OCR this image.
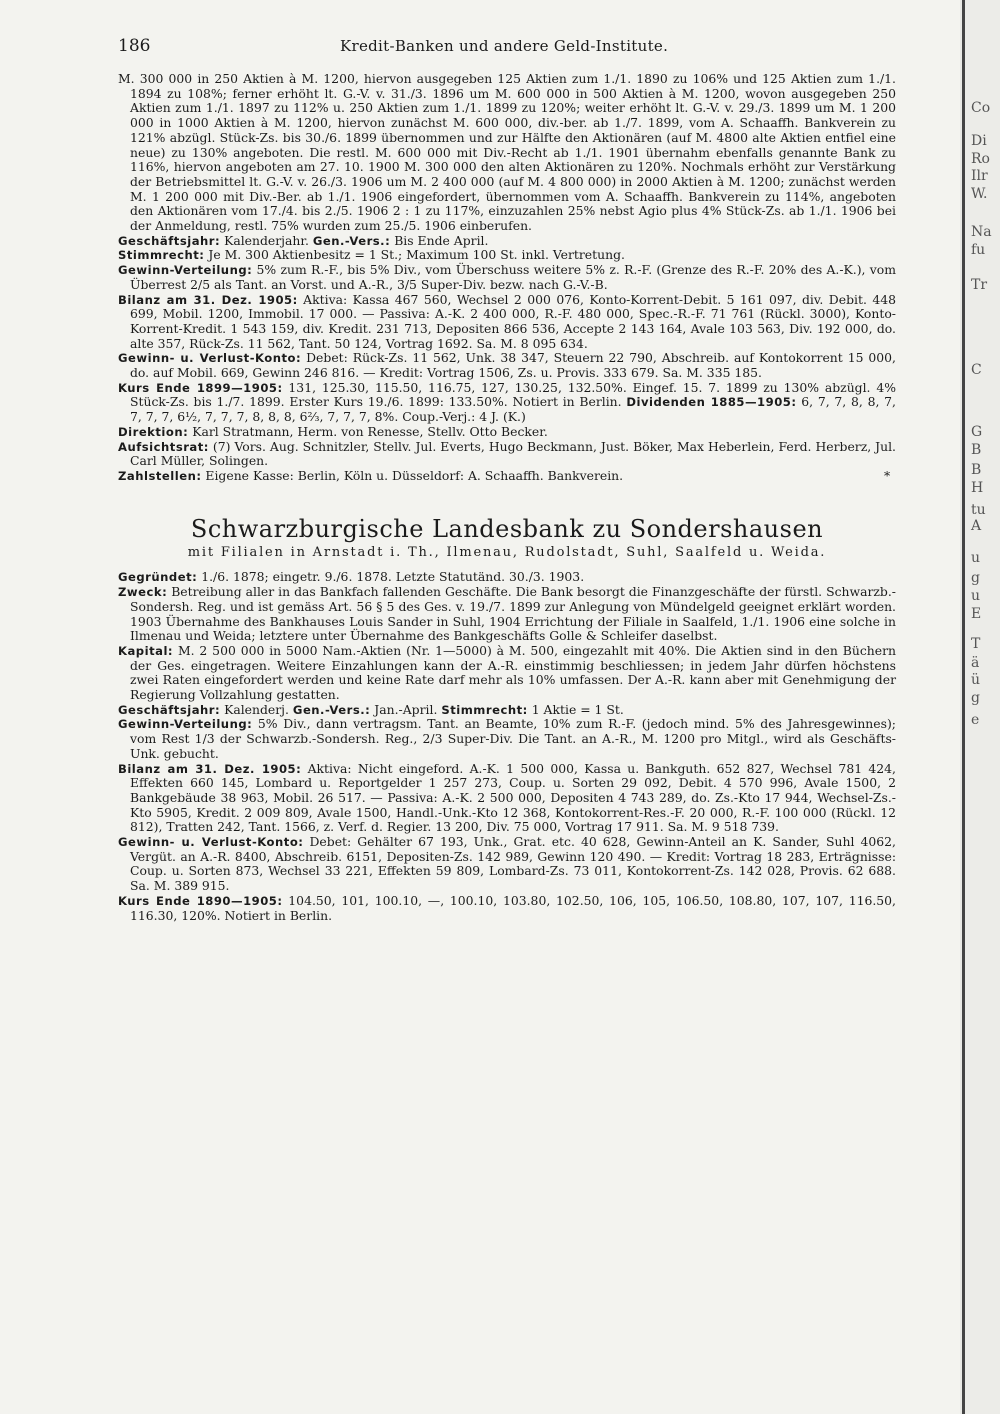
186	Kredit-Banken und andere Geld-Institute.

M. 300 000 in 250 Aktien à M. 1200, hiervon ausgegeben 125 Aktien zum 1./1. 1890 zu 106% und 125 Aktien zum 1./1. 1894 zu 108%; ferner erhöht lt. G.-V. v. 31./3. 1896 um M. 600 000 in 500 Aktien à M. 1200, wovon ausgegeben 250 Aktien zum 1./1. 1897 zu 112% u. 250 Aktien zum 1./1. 1899 zu 120%; weiter erhöht lt. G.-V. v. 29./3. 1899 um M. 1 200 000 in 1000 Aktien à M. 1200, hiervon zunächst M. 600 000, div.-ber. ab 1./7. 1899, vom A. Schaaffh. Bankverein zu 121% abzügl. Stück-Zs. bis 30./6. 1899 übernommen und zur Hälfte den Aktionären (auf M. 4800 alte Aktien entfiel eine neue) zu 130% angeboten. Die restl. M. 600 000 mit Div.-Recht ab 1./1. 1901 übernahm ebenfalls genannte Bank zu 116%, hiervon angeboten am 27. 10. 1900 M. 300 000 den alten Aktionären zu 120%. Nochmals erhöht zur Verstärkung der Betriebsmittel lt. G.-V. v. 26./3. 1906 um M. 2 400 000 (auf M. 4 800 000) in 2000 Aktien à M. 1200; zunächst werden M. 1 200 000 mit Div.-Ber. ab 1./1. 1906 eingefordert, übernommen vom A. Schaaffh. Bankverein zu 114%, angeboten den Aktionären vom 17./4. bis 2./5. 1906 2 : 1 zu 117%, einzuzahlen 25% nebst Agio plus 4% Stück-Zs. ab 1./1. 1906 bei der Anmeldung, restl. 75% wurden zum 25./5. 1906 einberufen.

Geschäftsjahr: Kalenderjahr. Gen.-Vers.: Bis Ende April.

Stimmrecht: Je M. 300 Aktienbesitz = 1 St.; Maximum 100 St. inkl. Vertretung.

Gewinn-Verteilung: 5% zum R.-F., bis 5% Div., vom Überschuss weitere 5% z. R.-F. (Grenze des R.-F. 20% des A.-K.), vom Überrest 2/5 als Tant. an Vorst. und A.-R., 3/5 Super-Div. bezw. nach G.-V.-B.

Bilanz am 31. Dez. 1905: Aktiva: Kassa 467 560, Wechsel 2 000 076, Konto-Korrent-Debit. 5 161 097, div. Debit. 448 699, Mobil. 1200, Immobil. 17 000. — Passiva: A.-K. 2 400 000, R.-F. 480 000, Spec.-R.-F. 71 761 (Rückl. 3000), Konto-Korrent-Kredit. 1 543 159, div. Kredit. 231 713, Depositen 866 536, Accepte 2 143 164, Avale 103 563, Div. 192 000, do. alte 357, Rück-Zs. 11 562, Tant. 50 124, Vortrag 1692. Sa. M. 8 095 634.

Gewinn- u. Verlust-Konto: Debet: Rück-Zs. 11 562, Unk. 38 347, Steuern 22 790, Abschreib. auf Kontokorrent 15 000, do. auf Mobil. 669, Gewinn 246 816. — Kredit: Vortrag 1506, Zs. u. Provis. 333 679. Sa. M. 335 185.

Kurs Ende 1899—1905: 131, 125.30, 115.50, 116.75, 127, 130.25, 132.50%. Eingef. 15. 7. 1899 zu 130% abzügl. 4% Stück-Zs. bis 1./7. 1899. Erster Kurs 19./6. 1899: 133.50%. Notiert in Berlin. Dividenden 1885—1905: 6, 7, 7, 8, 8, 7, 7, 7, 7, 6½, 7, 7, 7, 8, 8, 8, 6⅔, 7, 7, 7, 8%. Coup.-Verj.: 4 J. (K.)

Direktion: Karl Stratmann, Herm. von Renesse, Stellv. Otto Becker.

Aufsichtsrat: (7) Vors. Aug. Schnitzler, Stellv. Jul. Everts, Hugo Beckmann, Just. Böker, Max Heberlein, Ferd. Herberz, Jul. Carl Müller, Solingen.

Zahlstellen: Eigene Kasse: Berlin, Köln u. Düsseldorf: A. Schaaffh. Bankverein.	*

Schwarzburgische Landesbank zu Sondershausen
mit Filialen in Arnstadt i. Th., Ilmenau, Rudolstadt, Suhl, Saalfeld u. Weida.

Gegründet: 1./6. 1878; eingetr. 9./6. 1878. Letzte Statutänd. 30./3. 1903.

Zweck: Betreibung aller in das Bankfach fallenden Geschäfte. Die Bank besorgt die Finanzgeschäfte der fürstl. Schwarzb.-Sondersh. Reg. und ist gemäss Art. 56 § 5 des Ges. v. 19./7. 1899 zur Anlegung von Mündelgeld geeignet erklärt worden. 1903 Übernahme des Bankhauses Louis Sander in Suhl, 1904 Errichtung der Filiale in Saalfeld, 1./1. 1906 eine solche in Ilmenau und Weida; letztere unter Übernahme des Bankgeschäfts Golle & Schleifer daselbst.

Kapital: M. 2 500 000 in 5000 Nam.-Aktien (Nr. 1—5000) à M. 500, eingezahlt mit 40%. Die Aktien sind in den Büchern der Ges. eingetragen. Weitere Einzahlungen kann der A.-R. einstimmig beschliessen; in jedem Jahr dürfen höchstens zwei Raten eingefordert werden und keine Rate darf mehr als 10% umfassen. Der A.-R. kann aber mit Genehmigung der Regierung Vollzahlung gestatten.

Geschäftsjahr: Kalenderj. Gen.-Vers.: Jan.-April. Stimmrecht: 1 Aktie = 1 St.

Gewinn-Verteilung: 5% Div., dann vertragsm. Tant. an Beamte, 10% zum R.-F. (jedoch mind. 5% des Jahresgewinnes); vom Rest 1/3 der Schwarzb.-Sondersh. Reg., 2/3 Super-Div. Die Tant. an A.-R., M. 1200 pro Mitgl., wird als Geschäfts-Unk. gebucht.

Bilanz am 31. Dez. 1905: Aktiva: Nicht eingeford. A.-K. 1 500 000, Kassa u. Bankguth. 652 827, Wechsel 781 424, Effekten 660 145, Lombard u. Reportgelder 1 257 273, Coup. u. Sorten 29 092, Debit. 4 570 996, Avale 1500, 2 Bankgebäude 38 963, Mobil. 26 517. — Passiva: A.-K. 2 500 000, Depositen 4 743 289, do. Zs.-Kto 17 944, Wechsel-Zs.-Kto 5905, Kredit. 2 009 809, Avale 1500, Handl.-Unk.-Kto 12 368, Kontokorrent-Res.-F. 20 000, R.-F. 100 000 (Rückl. 12 812), Tratten 242, Tant. 1566, z. Verf. d. Regier. 13 200, Div. 75 000, Vortrag 17 911. Sa. M. 9 518 739.

Gewinn- u. Verlust-Konto: Debet: Gehälter 67 193, Unk., Grat. etc. 40 628, Gewinn-Anteil an K. Sander, Suhl 4062, Vergüt. an A.-R. 8400, Abschreib. 6151, Depositen-Zs. 142 989, Gewinn 120 490. — Kredit: Vortrag 18 283, Erträgnisse: Coup. u. Sorten 873, Wechsel 33 221, Effekten 59 809, Lombard-Zs. 73 011, Kontokorrent-Zs. 142 028, Provis. 62 688. Sa. M. 389 915.

Kurs Ende 1890—1905: 104.50, 101, 100.10, —, 100.10, 103.80, 102.50, 106, 105, 106.50, 108.80, 107, 107, 116.50, 116.30, 120%. Notiert in Berlin.

Co
Di
Ro
Ilr
W.
Na
fu
Tr
C
G
B
B
H
tu
A
u
g
u
E
T
ä
ü
g
e
